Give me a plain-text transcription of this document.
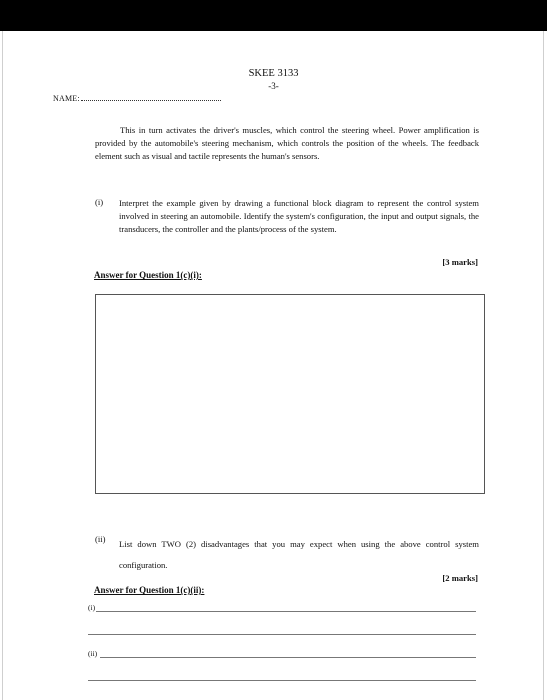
SKEE 3133
-3-
NAME:

This in turn activates the driver's muscles, which control the steering wheel. Power amplification is provided by the automobile's steering mechanism, which controls the position of the wheels. The feedback element such as visual and tactile represents the human's sensors.

(i) Interpret the example given by drawing a functional block diagram to represent the control system involved in steering an automobile. Identify the system's configuration, the input and output signals, the transducers, the controller and the plants/process of the system.

[3 marks]
Answer for Question 1(c)(i):
(ii) List down TWO (2) disadvantages that you may expect when using the above control system configuration.

[2 marks]
Answer for Question 1(c)(ii):
(i)
(ii)
